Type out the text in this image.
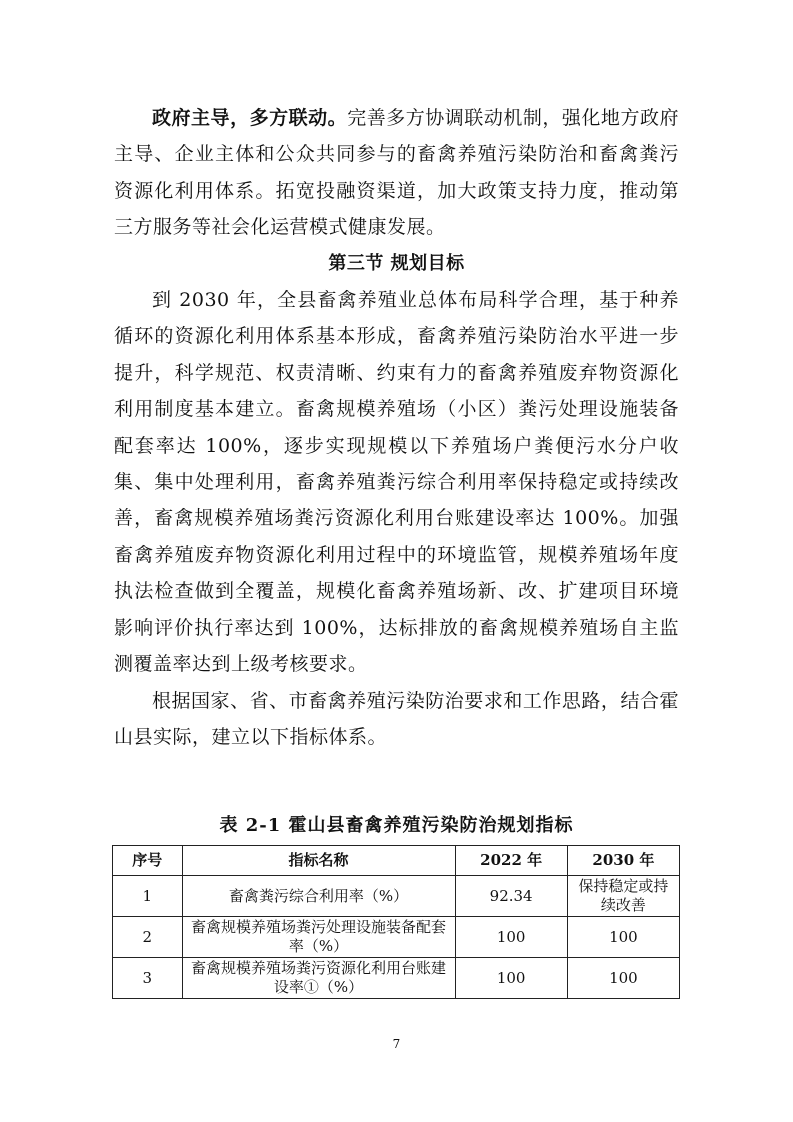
政府主导，多方联动。完善多方协调联动机制，强化地方政府主导、企业主体和公众共同参与的畜禽养殖污染防治和畜禽粪污资源化利用体系。拓宽投融资渠道，加大政策支持力度，推动第三方服务等社会化运营模式健康发展。

第三节 规划目标

到 2030 年，全县畜禽养殖业总体布局科学合理，基于种养循环的资源化利用体系基本形成，畜禽养殖污染防治水平进一步提升，科学规范、权责清晰、约束有力的畜禽养殖废弃物资源化利用制度基本建立。畜禽规模养殖场（小区）粪污处理设施装备配套率达 100%，逐步实现规模以下养殖场户粪便污水分户收集、集中处理利用，畜禽养殖粪污综合利用率保持稳定或持续改善，畜禽规模养殖场粪污资源化利用台账建设率达 100%。加强畜禽养殖废弃物资源化利用过程中的环境监管，规模养殖场年度执法检查做到全覆盖，规模化畜禽养殖场新、改、扩建项目环境影响评价执行率达到 100%，达标排放的畜禽规模养殖场自主监测覆盖率达到上级考核要求。

根据国家、省、市畜禽养殖污染防治要求和工作思路，结合霍山县实际，建立以下指标体系。

表 2-1 霍山县畜禽养殖污染防治规划指标
序号	指标名称	2022 年	2030 年
1	畜禽粪污综合利用率（%）	92.34	保持稳定或持续改善
2	畜禽规模养殖场粪污处理设施装备配套率（%）	100	100
3	畜禽规模养殖场粪污资源化利用台账建设率①（%）	100	100
7
